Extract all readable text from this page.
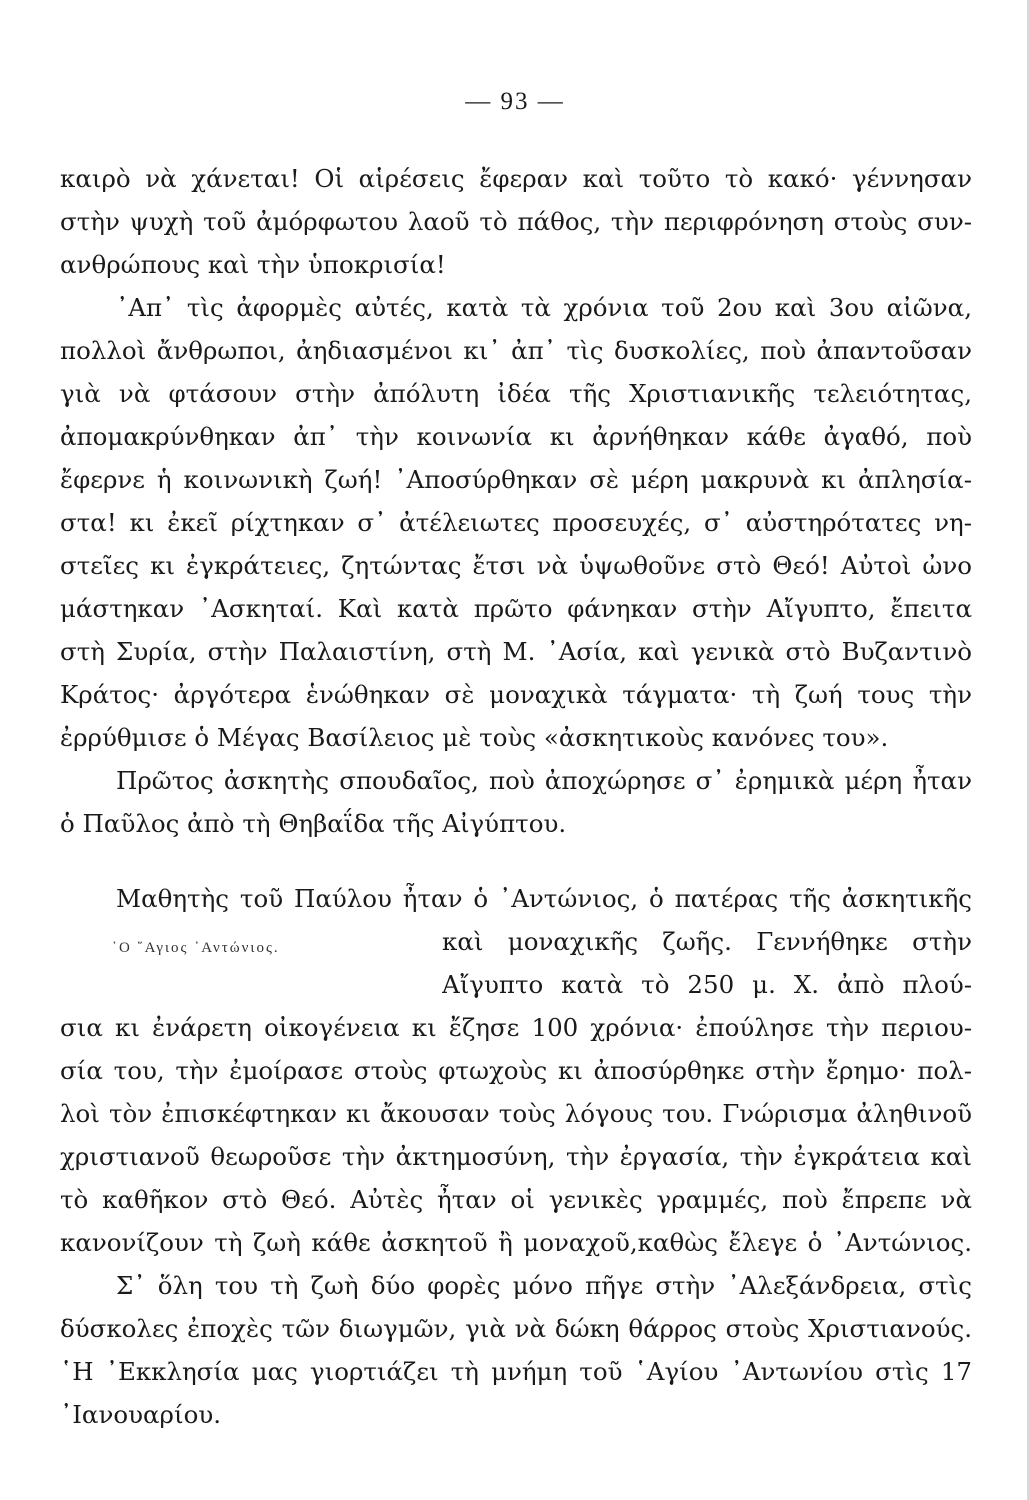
— 93 —
καιρὸ νὰ χάνεται! Οἱ αἱρέσεις ἔφεραν καὶ τοῦτο τὸ κακό· γέννησαν
στὴν ψυχὴ τοῦ ἀμόρφωτου λαοῦ τὸ πάθος, τὴν περιφρόνηση στοὺς συν-
ανθρώπους καὶ τὴν ὑποκρισία!
᾿Απ᾿ τὶς ἀφορμὲς αὐτές, κατὰ τὰ χρόνια τοῦ 2ου καὶ 3ου αἰῶνα,
πολλοὶ ἄνθρωποι, ἀηδιασμένοι κι᾿ ἀπ᾿ τὶς δυσκολίες, ποὺ ἀπαντοῦσαν
γιὰ νὰ φτάσουν στὴν ἀπόλυτη ἰδέα τῆς Χριστιανικῆς τελειότητας,
ἀπομακρύνθηκαν ἀπ᾿ τὴν κοινωνία κι ἀρνήθηκαν κάθε ἀγαθό, ποὺ
ἔφερνε ἡ κοινωνικὴ ζωή! ᾿Αποσύρθηκαν σὲ μέρη μακρυνὰ κι ἀπλησία-
στα! κι ἐκεῖ ρίχτηκαν σ᾿ ἀτέλειωτες προσευχές, σ᾿ αὐστηρότατες νη-
στεῖες κι ἐγκράτειες, ζητώντας ἔτσι νὰ ὑψωθοῦνε στὸ Θεό! Αὐτοὶ ὠνο
μάστηκαν ᾿Ασκηταί. Καὶ κατὰ πρῶτο φάνηκαν στὴν Αἴγυπτο, ἔπειτα
στὴ Συρία, στὴν Παλαιστίνη, στὴ Μ. ᾿Ασία, καὶ γενικὰ στὸ Βυζαντινὸ
Κράτος· ἀργότερα ἑνώθηκαν σὲ μοναχικὰ τάγματα· τὴ ζωή τους τὴν
ἐρρύθμισε ὁ Μέγας Βασίλειος μὲ τοὺς «ἀσκητικοὺς κανόνες του».
Πρῶτος ἀσκητὴς σπουδαῖος, ποὺ ἀποχώρησε σ᾿ ἐρημικὰ μέρη ἦταν
ὁ Παῦλος ἀπὸ τὴ Θηβαΐδα τῆς Αἰγύπτου.
Μαθητὴς τοῦ Παύλου ἦταν ὁ ᾿Αντώνιος, ὁ πατέρας τῆς ἀσκητικῆς
καὶ μοναχικῆς ζωῆς. Γεννήθηκε στὴν
῾Ο ῞Αγιος ᾿Αντώνιος.
Αἴγυπτο κατὰ τὸ 250 μ. Χ. ἀπὸ πλού-
σια κι ἐνάρετη οἰκογένεια κι ἔζησε 100 χρόνια· ἐπούλησε τὴν περιου-
σία του, τὴν ἐμοίρασε στοὺς φτωχοὺς κι ἀποσύρθηκε στὴν ἔρημο· πολ-
λοὶ τὸν ἐπισκέφτηκαν κι ἄκουσαν τοὺς λόγους του. Γνώρισμα ἀληθινοῦ
χριστιανοῦ θεωροῦσε τὴν ἀκτημοσύνη, τὴν ἐργασία, τὴν ἐγκράτεια καὶ
τὸ καθῆκον στὸ Θεό. Αὐτὲς ἦταν οἱ γενικὲς γραμμές, ποὺ ἔπρεπε νὰ
κανονίζουν τὴ ζωὴ κάθε ἀσκητοῦ ἢ μοναχοῦ,καθὼς ἔλεγε ὁ ᾿Αντώνιος.
Σ᾿ ὅλη του τὴ ζωὴ δύο φορὲς μόνο πῆγε στὴν ᾿Αλεξάνδρεια, στὶς
δύσκολες ἐποχὲς τῶν διωγμῶν, γιὰ νὰ δώκη θάρρος στοὺς Χριστιανούς.
῾Η ᾿Εκκλησία μας γιορτιάζει τὴ μνήμη τοῦ ῾Αγίου ᾿Αντωνίου στὶς 17
᾿Ιανουαρίου.
